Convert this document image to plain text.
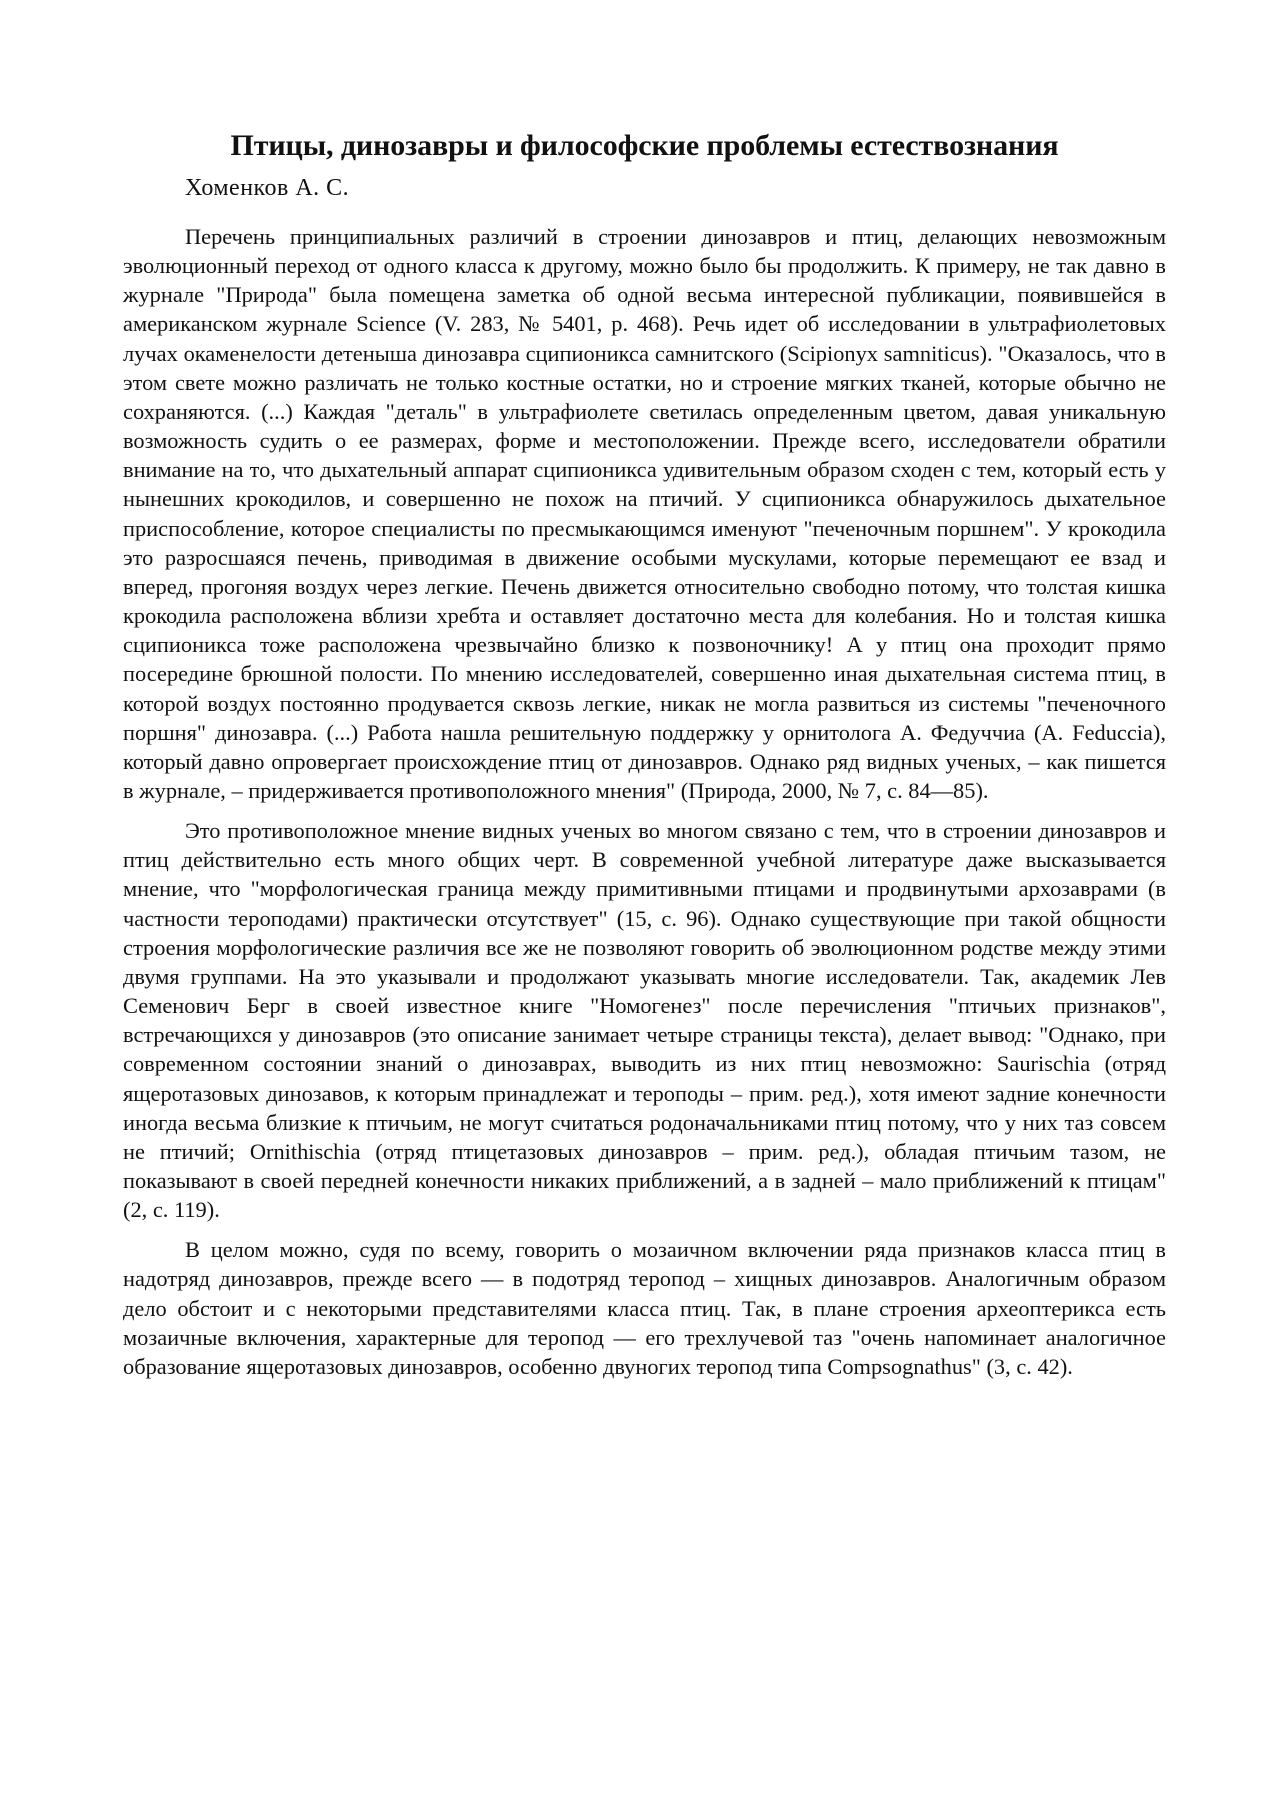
Птицы, динозавры и философские проблемы естествознания
Хоменков А. С.

Перечень принципиальных различий в строении динозавров и птиц, делающих невозможным эволюционный переход от одного класса к другому, можно было бы продолжить. К примеру, не так давно в журнале "Природа" была помещена заметка об одной весьма интересной публикации, появившейся в американском журнале Science (V. 283, № 5401, p. 468). Речь идет об исследовании в ультрафиолетовых лучах окаменелости детеныша динозавра сципионикса самнитского (Scipionyx samniticus). "Оказалось, что в этом свете можно различать не только костные остатки, но и строение мягких тканей, которые обычно не сохраняются. (...) Каждая "деталь" в ультрафиолете светилась определенным цветом, давая уникальную возможность судить о ее размерах, форме и местоположении. Прежде всего, исследователи обратили внимание на то, что дыхательный аппарат сципионикса удивительным образом сходен с тем, который есть у нынешних крокодилов, и совершенно не похож на птичий. У сципионикса обнаружилось дыхательное приспособление, которое специалисты по пресмыкающимся именуют "печеночным поршнем". У крокодила это разросшаяся печень, приводимая в движение особыми мускулами, которые перемещают ее взад и вперед, прогоняя воздух через легкие. Печень движется относительно свободно потому, что толстая кишка крокодила расположена вблизи хребта и оставляет достаточно места для колебания. Но и толстая кишка сципионикса тоже расположена чрезвычайно близко к позвоночнику! А у птиц она проходит прямо посередине брюшной полости. По мнению исследователей, совершенно иная дыхательная система птиц, в которой воздух постоянно продувается сквозь легкие, никак не могла развиться из системы "печеночного поршня" динозавра. (...) Работа нашла решительную поддержку у орнитолога А. Федуччиа (A. Feduccia), который давно опровергает происхождение птиц от динозавров. Однако ряд видных ученых, – как пишется в журнале, – придерживается противоположного мнения" (Природа, 2000, № 7, с. 84—85).

Это противоположное мнение видных ученых во многом связано с тем, что в строении динозавров и птиц действительно есть много общих черт. В современной учебной литературе даже высказывается мнение, что "морфологическая граница между примитивными птицами и продвинутыми архозаврами (в частности тероподами) практически отсутствует" (15, с. 96). Однако существующие при такой общности строения морфологические различия все же не позволяют говорить об эволюционном родстве между этими двумя группами. На это указывали и продолжают указывать многие исследователи. Так, академик Лев Семенович Берг в своей известное книге "Номогенез" после перечисления "птичьих признаков", встречающихся у динозавров (это описание занимает четыре страницы текста), делает вывод: "Однако, при современном состоянии знаний о динозаврах, выводить из них птиц невозможно: Saurischia (отряд ящеротазовых динозавов, к которым принадлежат и тероподы – прим. ред.), хотя имеют задние конечности иногда весьма близкие к птичьим, не могут считаться родоначальниками птиц потому, что у них таз совсем не птичий; Ornithischia (отряд птицетазовых динозавров – прим. ред.), обладая птичьим тазом, не показывают в своей передней конечности никаких приближений, а в задней – мало приближений к птицам" (2, с. 119).

В целом можно, судя по всему, говорить о мозаичном включении ряда признаков класса птиц в надотряд динозавров, прежде всего — в подотряд теропод – хищных динозавров. Аналогичным образом дело обстоит и с некоторыми представителями класса птиц. Так, в плане строения археоптерикса есть мозаичные включения, характерные для теропод — его трехлучевой таз "очень напоминает аналогичное образование ящеротазовых динозавров, особенно двуногих теропод типа Compsognathus" (3, с. 42).
